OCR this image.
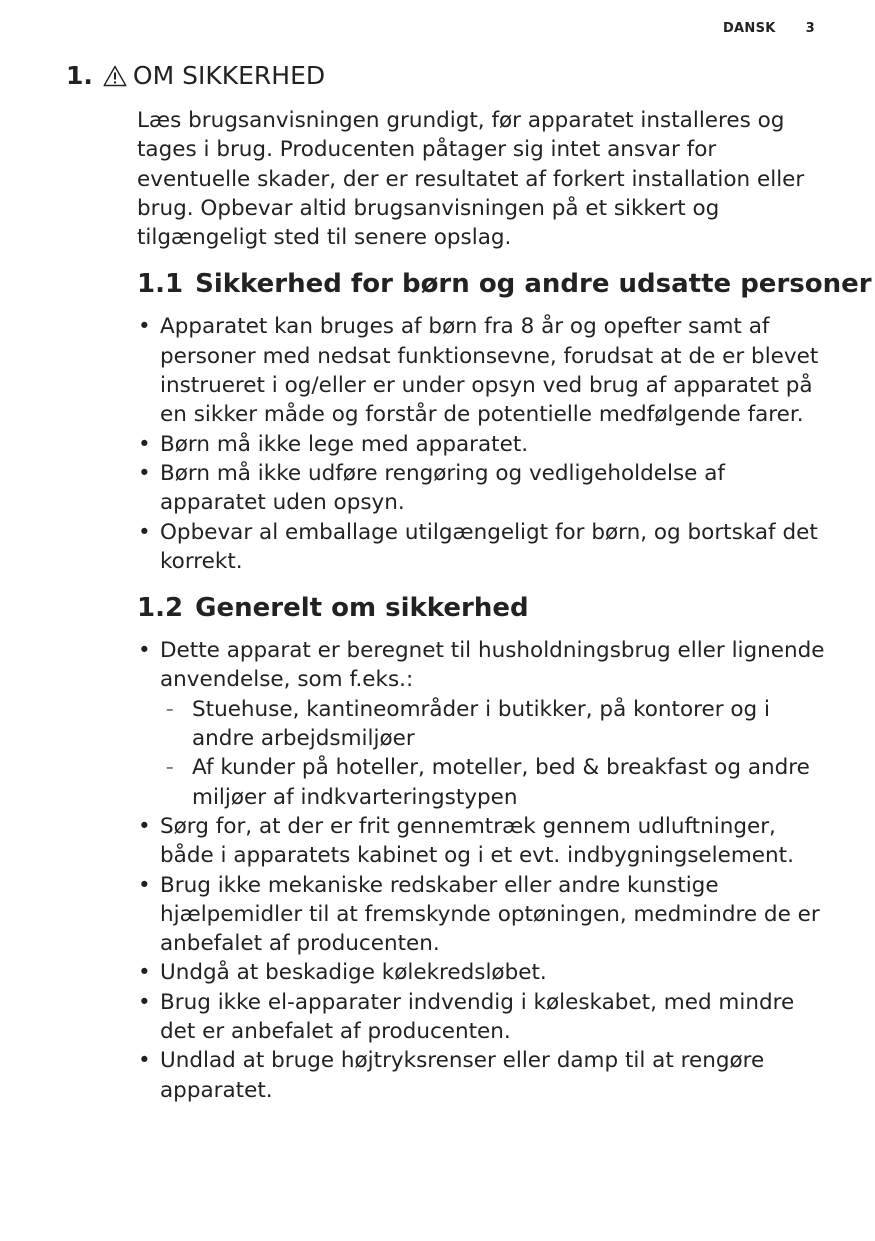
DANSK 3
1. OM SIKKERHED

Læs brugsanvisningen grundigt, før apparatet installeres og tages i brug. Producenten påtager sig intet ansvar for eventuelle skader, der er resultatet af forkert installation eller brug. Opbevar altid brugsanvisningen på et sikkert og tilgængeligt sted til senere opslag.

1.1 Sikkerhed for børn og andre udsatte personer
• Apparatet kan bruges af børn fra 8 år og opefter samt af personer med nedsat funktionsevne, forudsat at de er blevet instrueret i og/eller er under opsyn ved brug af apparatet på en sikker måde og forstår de potentielle medfølgende farer.
• Børn må ikke lege med apparatet.
• Børn må ikke udføre rengøring og vedligeholdelse af apparatet uden opsyn.
• Opbevar al emballage utilgængeligt for børn, og bortskaf det korrekt.
1.2 Generelt om sikkerhed
• Dette apparat er beregnet til husholdningsbrug eller lignende anvendelse, som f.eks.:
– Stuehuse, kantineområder i butikker, på kontorer og i andre arbejdsmiljøer
– Af kunder på hoteller, moteller, bed & breakfast og andre miljøer af indkvarteringstypen
• Sørg for, at der er frit gennemtræk gennem udluftninger, både i apparatets kabinet og i et evt. indbygningselement.
• Brug ikke mekaniske redskaber eller andre kunstige hjælpemidler til at fremskynde optøningen, medmindre de er anbefalet af producenten.
• Undgå at beskadige kølekredsløbet.
• Brug ikke el-apparater indvendig i køleskabet, med mindre det er anbefalet af producenten.
• Undlad at bruge højtryksrenser eller damp til at rengøre apparatet.
